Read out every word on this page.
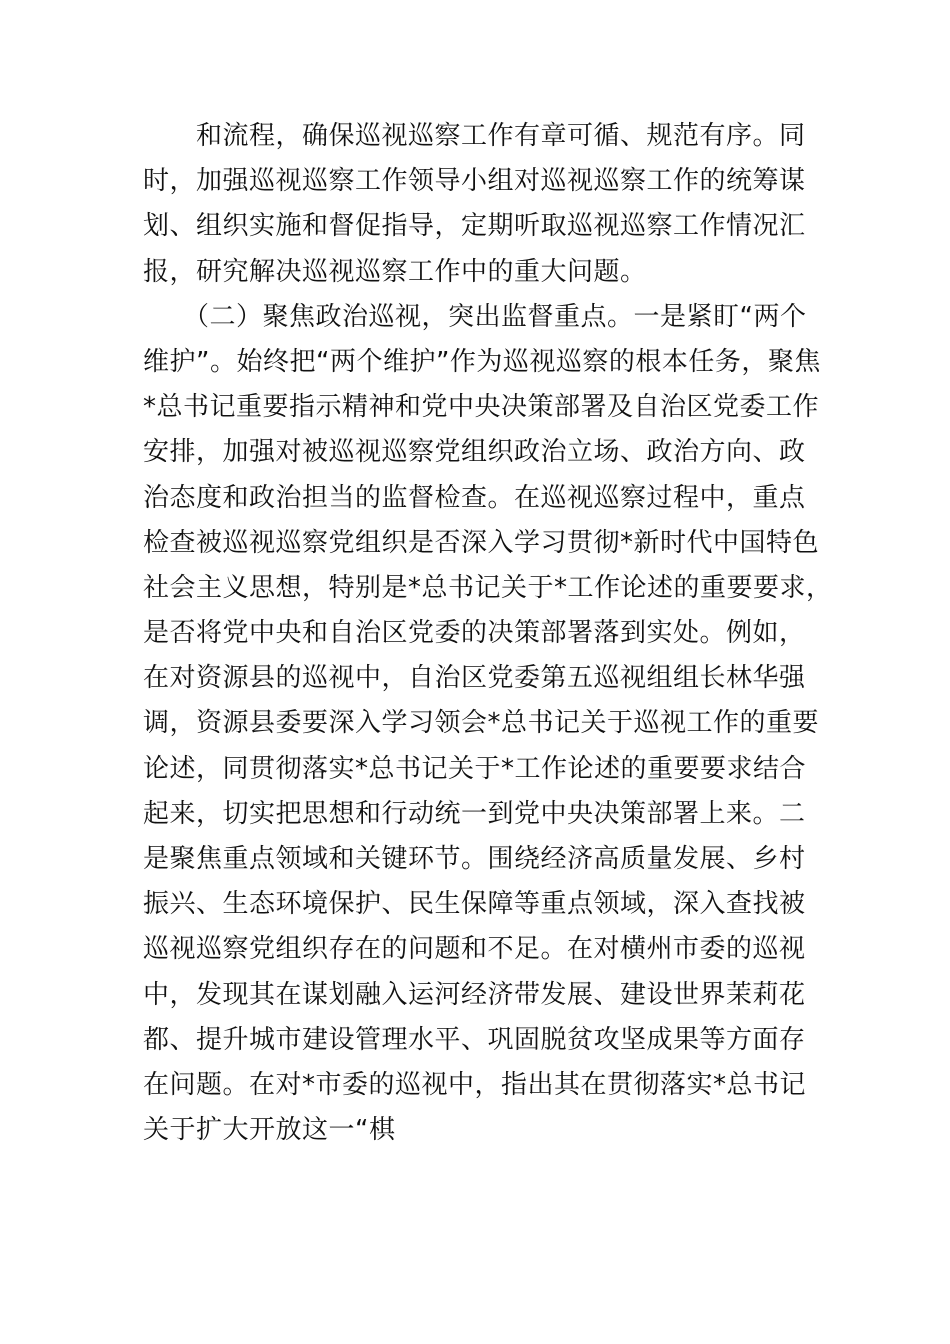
　　和流程，确保巡视巡察工作有章可循、规范有序。同
时，加强巡视巡察工作领导小组对巡视巡察工作的统筹谋
划、组织实施和督促指导，定期听取巡视巡察工作情况汇
报，研究解决巡视巡察工作中的重大问题。
　　（二）聚焦政治巡视，突出监督重点。一是紧盯“两个
维护”。始终把“两个维护”作为巡视巡察的根本任务，聚焦
*总书记重要指示精神和党中央决策部署及自治区党委工作
安排，加强对被巡视巡察党组织政治立场、政治方向、政
治态度和政治担当的监督检查。在巡视巡察过程中，重点
检查被巡视巡察党组织是否深入学习贯彻*新时代中国特色
社会主义思想，特别是*总书记关于*工作论述的重要要求，
是否将党中央和自治区党委的决策部署落到实处。例如，
在对资源县的巡视中，自治区党委第五巡视组组长林华强
调，资源县委要深入学习领会*总书记关于巡视工作的重要
论述，同贯彻落实*总书记关于*工作论述的重要要求结合
起来，切实把思想和行动统一到党中央决策部署上来。二
是聚焦重点领域和关键环节。围绕经济高质量发展、乡村
振兴、生态环境保护、民生保障等重点领域，深入查找被
巡视巡察党组织存在的问题和不足。在对横州市委的巡视
中，发现其在谋划融入运河经济带发展、建设世界茉莉花
都、提升城市建设管理水平、巩固脱贫攻坚成果等方面存
在问题。在对*市委的巡视中，指出其在贯彻落实*总书记
关于扩大开放这一“棋
